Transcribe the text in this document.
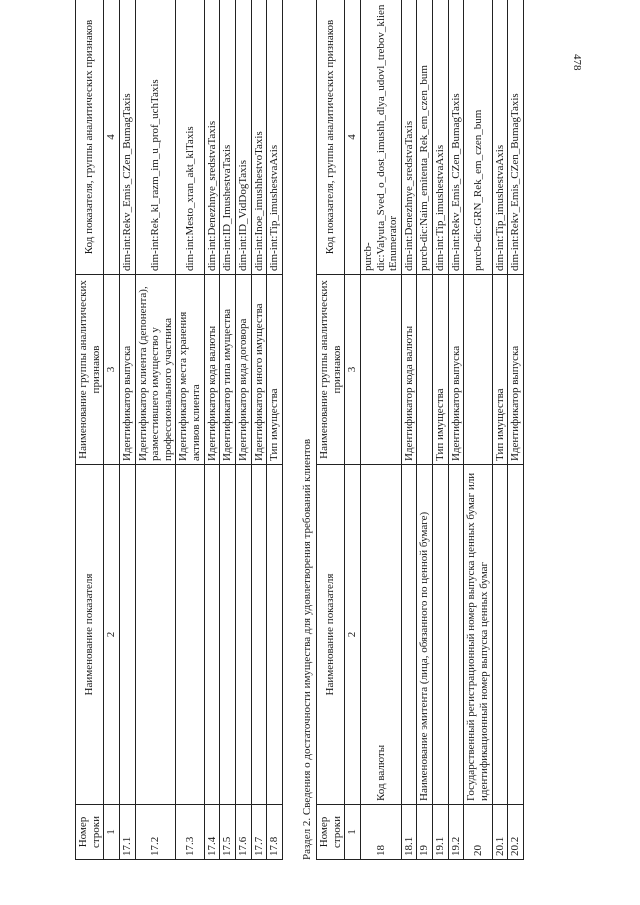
478
Номер строки	Наименование показателя	Наименование группы аналитических признаков	Код показателя, группы аналитических признаков
1	2	3	4
17.1		Идентификатор выпуска	dim-int:Rekv_Emis_CZen_BumagTaxis
17.2		Идентификатор клиента (депонента), разместившего имущество у профессионального участника	dim-int:Rek_kl_razm_im_u_prof_uchTaxis
17.3		Идентификатор места хранения активов клиента	dim-int:Mesto_xran_akt_klTaxis
17.4		Идентификатор кода валюты	dim-int:Denezhnye_sredstvaTaxis
17.5		Идентификатор типа имущества	dim-int:ID_ImushestvaTaxis
17.6		Идентификатор вида договора	dim-int:ID_VidDogTaxis
17.7		Идентификатор иного имущества	dim-int:Inoe_imushhestvoTaxis
17.8		Тип имущества	dim-int:Tip_imushestvaAxis
Раздел 2. Сведения о достаточности имущества для удовлетворения требований клиентов Номер строки	Наименование показателя	Наименование группы аналитических признаков	Код показателя, группы аналитических признаков
1	2	3	4
18	Код валюты		purcb-dic:Valyuta_Sved_o_dost_imushh_dlya_udovl_trebov_klientEnumerator
18.1		Идентификатор кода валюты	dim-int:Denezhnye_sredstvaTaxis
19	Наименование эмитента (лица, обязанного по ценной бумаге)		purcb-dic:Naim_emitenta_Rek_em_czen_bum
19.1		Тип имущества	dim-int:Tip_imushestvaAxis
19.2		Идентификатор выпуска	dim-int:Rekv_Emis_CZen_BumagTaxis
20	Государственный регистрационный номер выпуска ценных бумаг или идентификационный номер выпуска ценных бумаг		purcb-dic:GRN_Rek_em_czen_bum
20.1		Тип имущества	dim-int:Tip_imushestvaAxis
20.2		Идентификатор выпуска	dim-int:Rekv_Emis_CZen_BumagTaxis
